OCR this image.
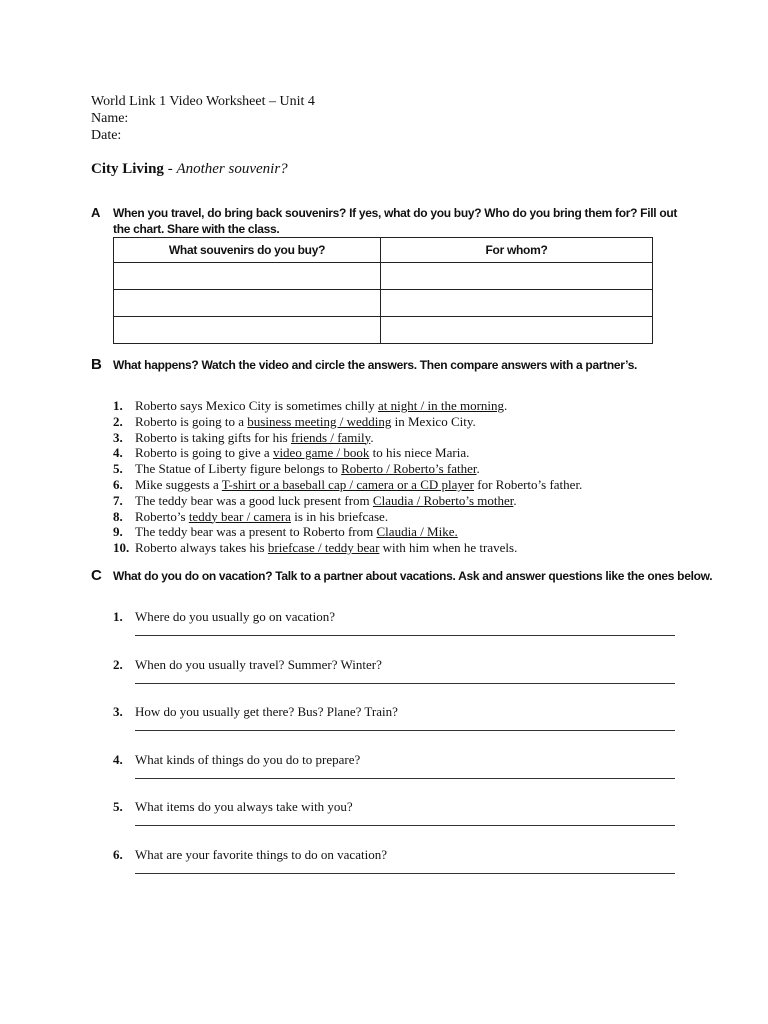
World Link 1 Video Worksheet – Unit 4
Name:
Date:
City Living - Another souvenir?
A When you travel, do bring back souvenirs? If yes, what do you buy? Who do you bring them for? Fill out the chart. Share with the class.
What souvenirs do you buy?	For whom?

B What happens? Watch the video and circle the answers. Then compare answers with a partner’s.
1. Roberto says Mexico City is sometimes chilly at night / in the morning.
2. Roberto is going to a business meeting / wedding in Mexico City.
3. Roberto is taking gifts for his friends / family.
4. Roberto is going to give a video game / book to his niece Maria.
5. The Statue of Liberty figure belongs to Roberto / Roberto’s father.
6. Mike suggests a T-shirt or a baseball cap / camera or a CD player for Roberto’s father.
7. The teddy bear was a good luck present from Claudia / Roberto’s mother.
8. Roberto’s teddy bear / camera is in his briefcase.
9. The teddy bear was a present to Roberto from Claudia / Mike.
10. Roberto always takes his briefcase / teddy bear with him when he travels.
C What do you do on vacation? Talk to a partner about vacations. Ask and answer questions like the ones below.
1. Where do you usually go on vacation?
2. When do you usually travel? Summer? Winter?
3. How do you usually get there? Bus? Plane? Train?
4. What kinds of things do you do to prepare?
5. What items do you always take with you?
6. What are your favorite things to do on vacation?
